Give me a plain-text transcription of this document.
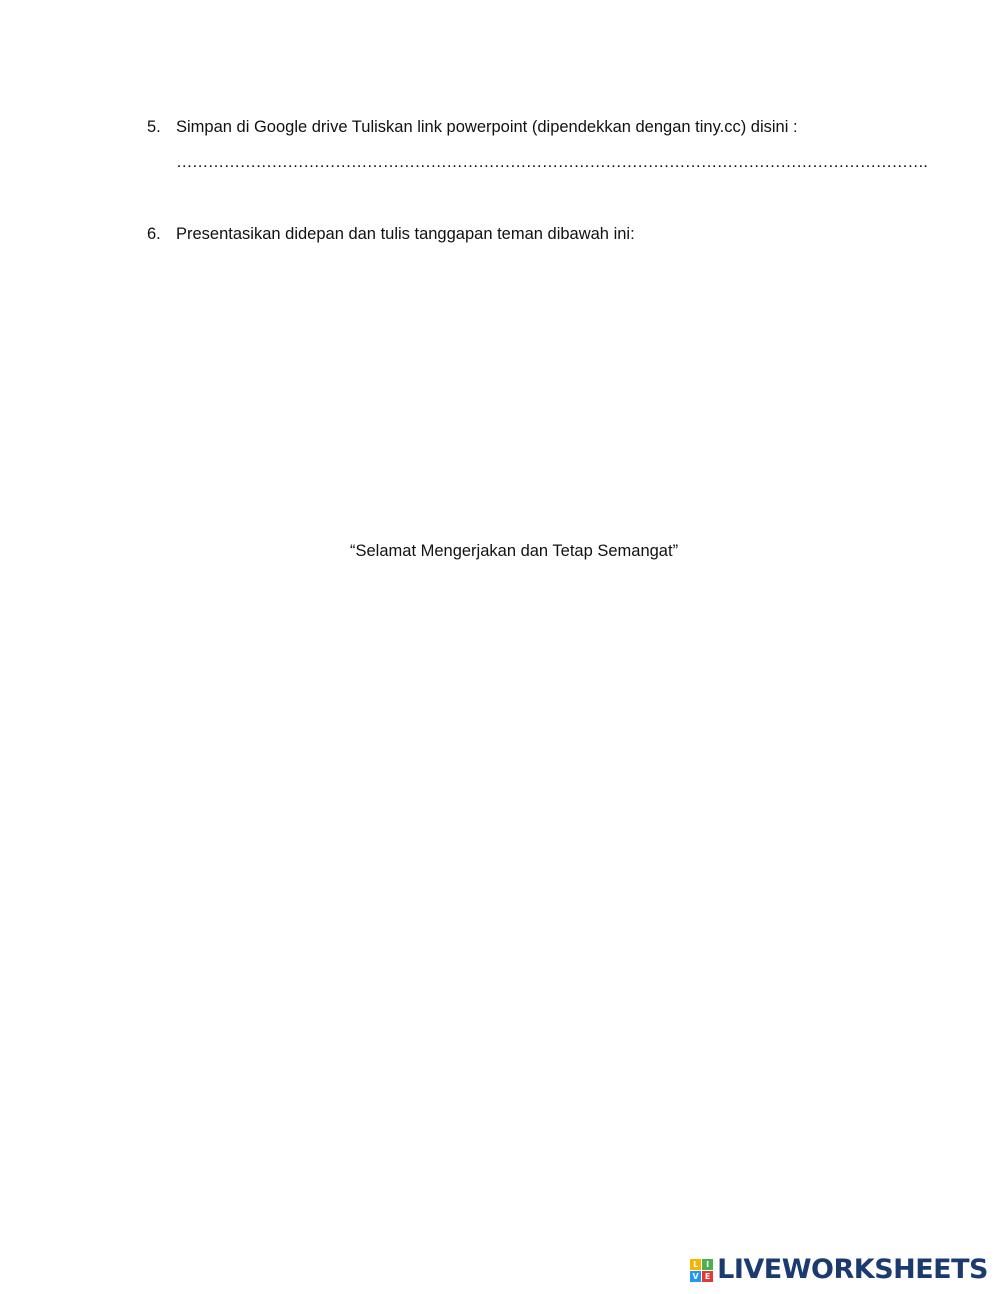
5. Simpan di Google drive Tuliskan link powerpoint (dipendekkan dengan tiny.cc) disini :
…………………………………………………………………………………………………………………………….
6. Presentasikan didepan dan tulis tanggapan teman dibawah ini:
“Selamat Mengerjakan dan Tetap Semangat”
L I
V E LIVEWORKSHEETS
